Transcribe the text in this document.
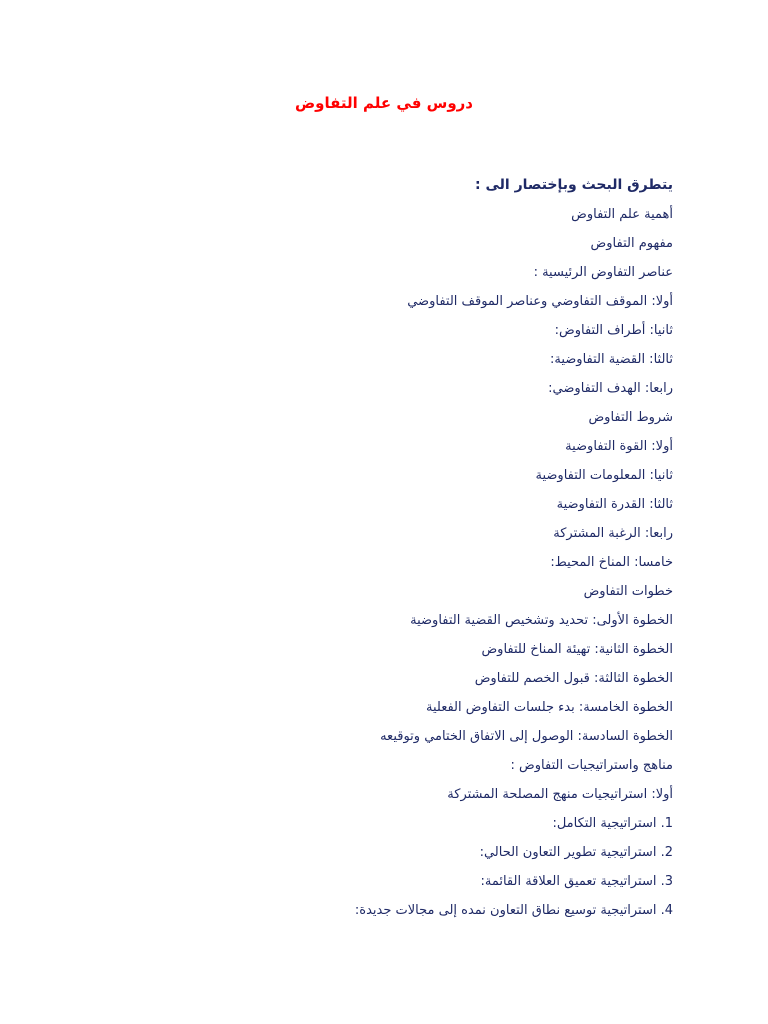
دروس في علم التفاوض
يتطرق البحث وبإختصار الى :
أهمية علم التفاوض
مفهوم التفاوض
عناصر التفاوض الرئيسية :
أولا: الموقف التفاوضي وعناصر الموقف التفاوضي
ثانيا: أطراف التفاوض:
ثالثا: القضية التفاوضية:
رابعا: الهدف التفاوضي:
شروط التفاوض
أولا: القوة التفاوضية
ثانيا: المعلومات التفاوضية
ثالثا: القدرة التفاوضية
رابعا: الرغبة المشتركة
خامسا: المناخ المحيط:
خطوات التفاوض
الخطوة الأولى: تحديد وتشخيص القضية التفاوضية
الخطوة الثانية: تهيئة المناخ للتفاوض
الخطوة الثالثة: قبول الخصم للتفاوض
الخطوة الخامسة: بدء جلسات التفاوض الفعلية
الخطوة السادسة: الوصول إلى الاتفاق الختامي وتوقيعه
مناهج واستراتيجيات التفاوض :
أولا: استراتيجيات منهج المصلحة المشتركة
1. استراتيجية التكامل:
2. استراتيجية تطوير التعاون الحالي:
3. استراتيجية تعميق العلاقة القائمة:
4. استراتيجية توسيع نطاق التعاون نمده إلى مجالات جديدة:
